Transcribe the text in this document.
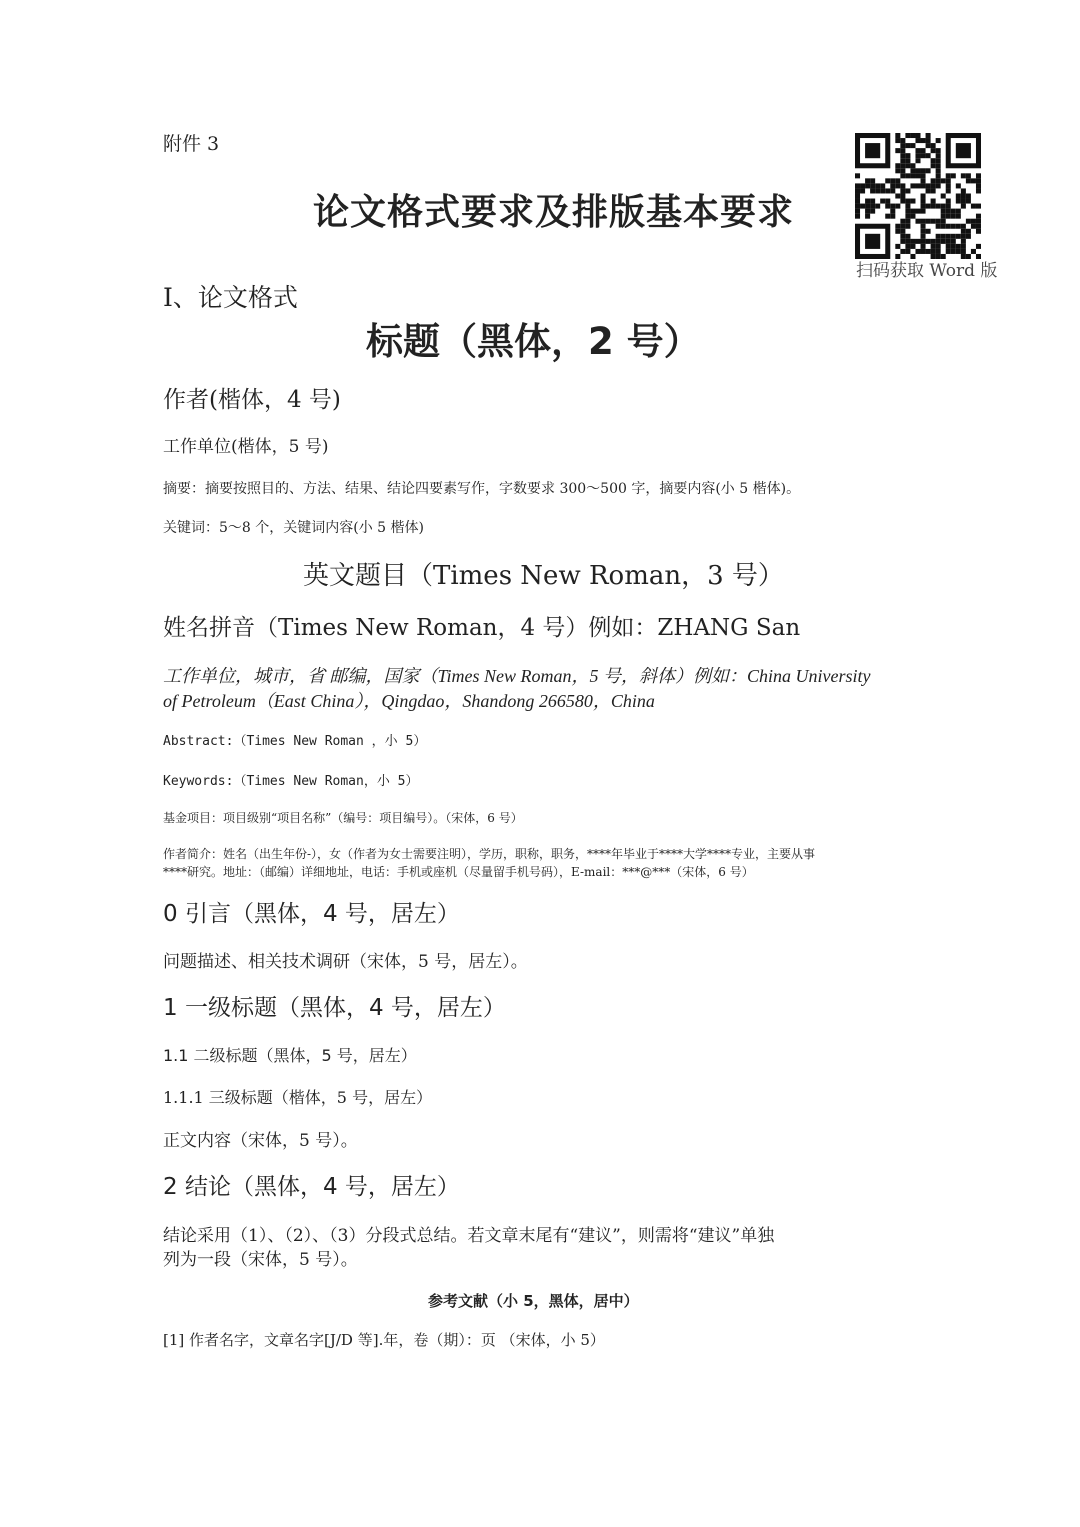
附件 3
论文格式要求及排版基本要求
扫码获取 Word 版
Ⅰ、论文格式
标题（黑体，2 号）
作者(楷体，4 号)
工作单位(楷体，5 号)
摘要：摘要按照目的、方法、结果、结论四要素写作，字数要求 300～500 字，摘要内容(小 5 楷体)。
关键词：5～8 个，关键词内容(小 5 楷体)
英文题目（Times New Roman，3 号）
姓名拼音（Times New Roman，4 号）例如：ZHANG San
工作单位，城市，省 邮编，国家（Times New Roman，5 号，斜体）例如：China University
of Petroleum（East China），Qingdao，Shandong 266580，China
Abstract:（Times New Roman ，小 5）
Keywords:（Times New Roman，小 5）
基金项目：项目级别“项目名称”（编号：项目编号）。（宋体，6 号）
作者简介：姓名（出生年份-），女（作者为女士需要注明），学历，职称，职务，****年毕业于****大学****专业，主要从事
****研究。地址：（邮编）详细地址，电话：手机或座机（尽量留手机号码），E-mail：***@***（宋体，6 号）
0 引言（黑体，4 号，居左）
问题描述、相关技术调研（宋体，5 号，居左）。
1 一级标题（黑体，4 号，居左）
1.1 二级标题（黑体，5 号，居左）
1.1.1 三级标题（楷体，5 号，居左）
正文内容（宋体，5 号）。
2 结论（黑体，4 号，居左）
结论采用（1）、（2）、（3）分段式总结。若文章末尾有“建议”，则需将“建议”单独
列为一段（宋体，5 号）。
参考文献（小 5，黑体，居中）
[1] 作者名字，文章名字[J/D 等].年，卷（期）：页 （宋体，小 5）
